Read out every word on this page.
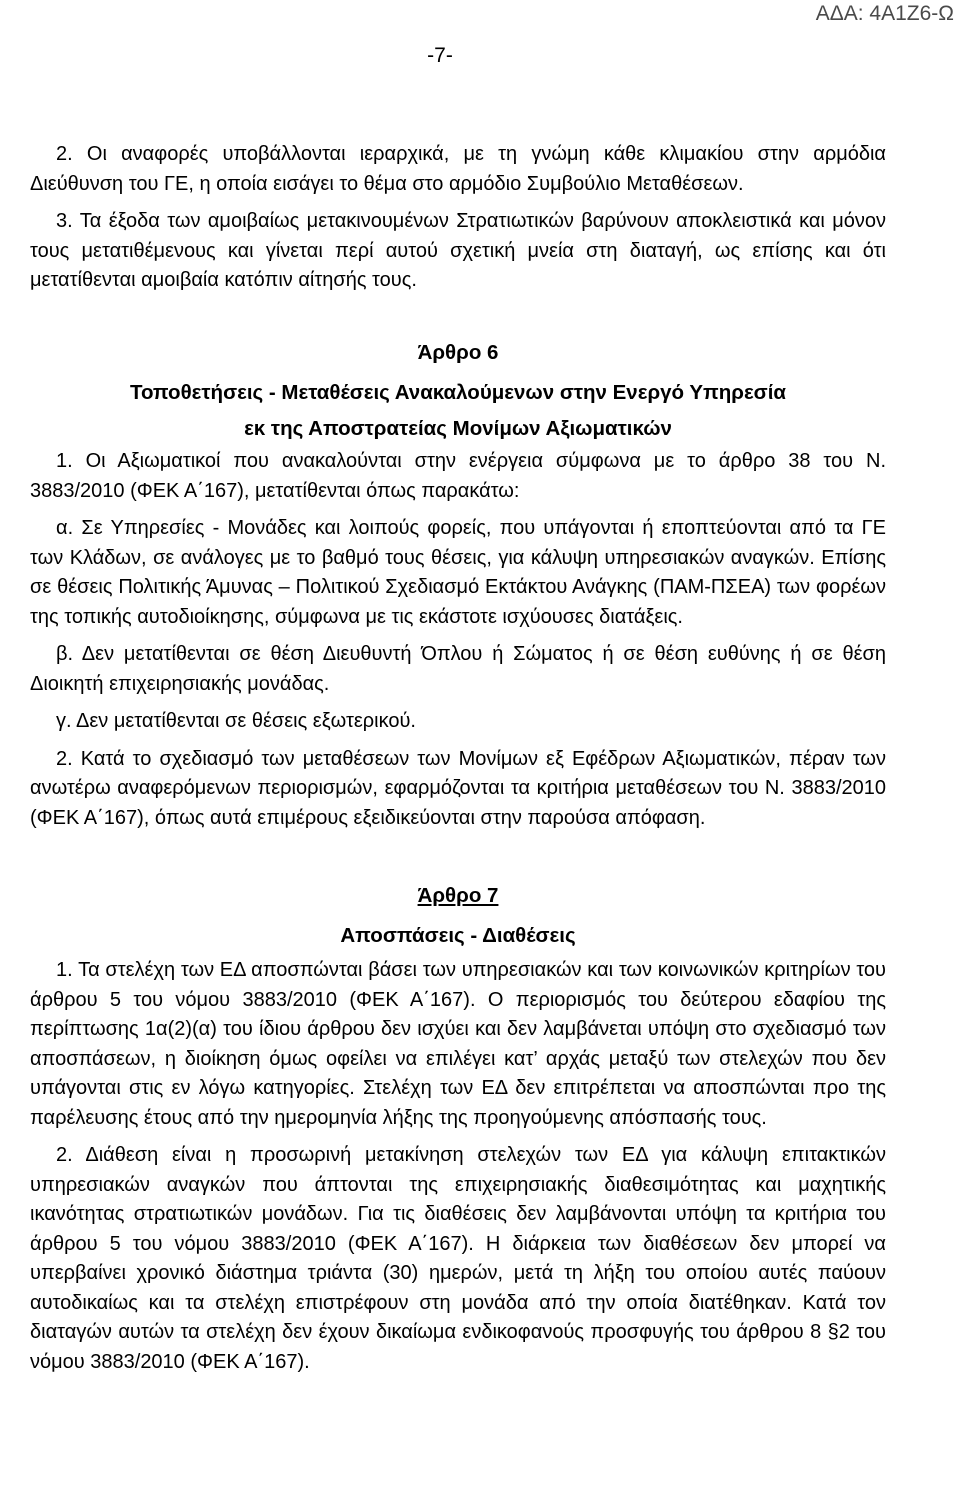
ΑΔΑ: 4Α1Ζ6-Ω
-7-

2. Οι αναφορές υποβάλλονται ιεραρχικά, με τη γνώμη κάθε κλιμακίου στην αρμόδια Διεύθυνση του ΓΕ, η οποία εισάγει το θέμα στο αρμόδιο Συμβούλιο Μεταθέσεων.

3. Τα έξοδα των αμοιβαίως μετακινουμένων Στρατιωτικών βαρύνουν αποκλειστικά και μόνον τους μετατιθέμενους και γίνεται περί αυτού σχετική μνεία στη διαταγή, ως επίσης και ότι μετατίθενται αμοιβαία κατόπιν αίτησής τους.

Άρθρο 6

Τοποθετήσεις - Μεταθέσεις Ανακαλούμενων στην Ενεργό Υπηρεσία

εκ της Αποστρατείας Μονίμων Αξιωματικών

1. Οι Αξιωματικοί που ανακαλούνται στην ενέργεια σύμφωνα με το άρθρο 38 του Ν. 3883/2010 (ΦΕΚ Α΄167), μετατίθενται όπως παρακάτω:

α. Σε Υπηρεσίες - Μονάδες και λοιπούς φορείς, που υπάγονται ή εποπτεύονται από τα ΓΕ των Κλάδων, σε ανάλογες με το βαθμό τους θέσεις, για κάλυψη υπηρεσιακών αναγκών. Επίσης σε θέσεις Πολιτικής Άμυνας – Πολιτικού Σχεδιασμό Εκτάκτου Ανάγκης (ΠΑΜ-ΠΣΕΑ) των φορέων της τοπικής αυτοδιοίκησης, σύμφωνα με τις εκάστοτε ισχύουσες διατάξεις.

β. Δεν μετατίθενται σε θέση Διευθυντή Όπλου ή Σώματος ή σε θέση ευθύνης ή σε θέση Διοικητή επιχειρησιακής μονάδας.

γ. Δεν μετατίθενται σε θέσεις εξωτερικού.

2. Κατά το σχεδιασμό των μεταθέσεων των Μονίμων εξ Εφέδρων Αξιωματικών, πέραν των ανωτέρω αναφερόμενων περιορισμών, εφαρμόζονται τα κριτήρια μεταθέσεων του Ν. 3883/2010 (ΦΕΚ Α΄167), όπως αυτά επιμέρους εξειδικεύονται στην παρούσα απόφαση.

Άρθρο 7

Αποσπάσεις - Διαθέσεις

1. Τα στελέχη των ΕΔ αποσπώνται βάσει των υπηρεσιακών και των κοινωνικών κριτηρίων του άρθρου 5 του νόμου 3883/2010 (ΦΕΚ Α΄167). Ο περιορισμός του δεύτερου εδαφίου της περίπτωσης 1α(2)(α) του ίδιου άρθρου δεν ισχύει και δεν λαμβάνεται υπόψη στο σχεδιασμό των αποσπάσεων, η διοίκηση όμως οφείλει να επιλέγει κατ’ αρχάς μεταξύ των στελεχών που δεν υπάγονται στις εν λόγω κατηγορίες. Στελέχη των ΕΔ δεν επιτρέπεται να αποσπώνται προ της παρέλευσης έτους από την ημερομηνία λήξης της προηγούμενης απόσπασής τους.

2. Διάθεση είναι η προσωρινή μετακίνηση στελεχών των ΕΔ για κάλυψη επιτακτικών υπηρεσιακών αναγκών που άπτονται της επιχειρησιακής διαθεσιμότητας και μαχητικής ικανότητας στρατιωτικών μονάδων. Για τις διαθέσεις δεν λαμβάνονται υπόψη τα κριτήρια του άρθρου 5 του νόμου 3883/2010 (ΦΕΚ Α΄167). Η διάρκεια των διαθέσεων δεν μπορεί να υπερβαίνει χρονικό διάστημα τριάντα (30) ημερών, μετά τη λήξη του οποίου αυτές παύουν αυτοδικαίως και τα στελέχη επιστρέφουν στη μονάδα από την οποία διατέθηκαν. Κατά τον διαταγών αυτών τα στελέχη δεν έχουν δικαίωμα ενδικοφανούς προσφυγής του άρθρου 8 §2 του νόμου 3883/2010 (ΦΕΚ Α΄167).
